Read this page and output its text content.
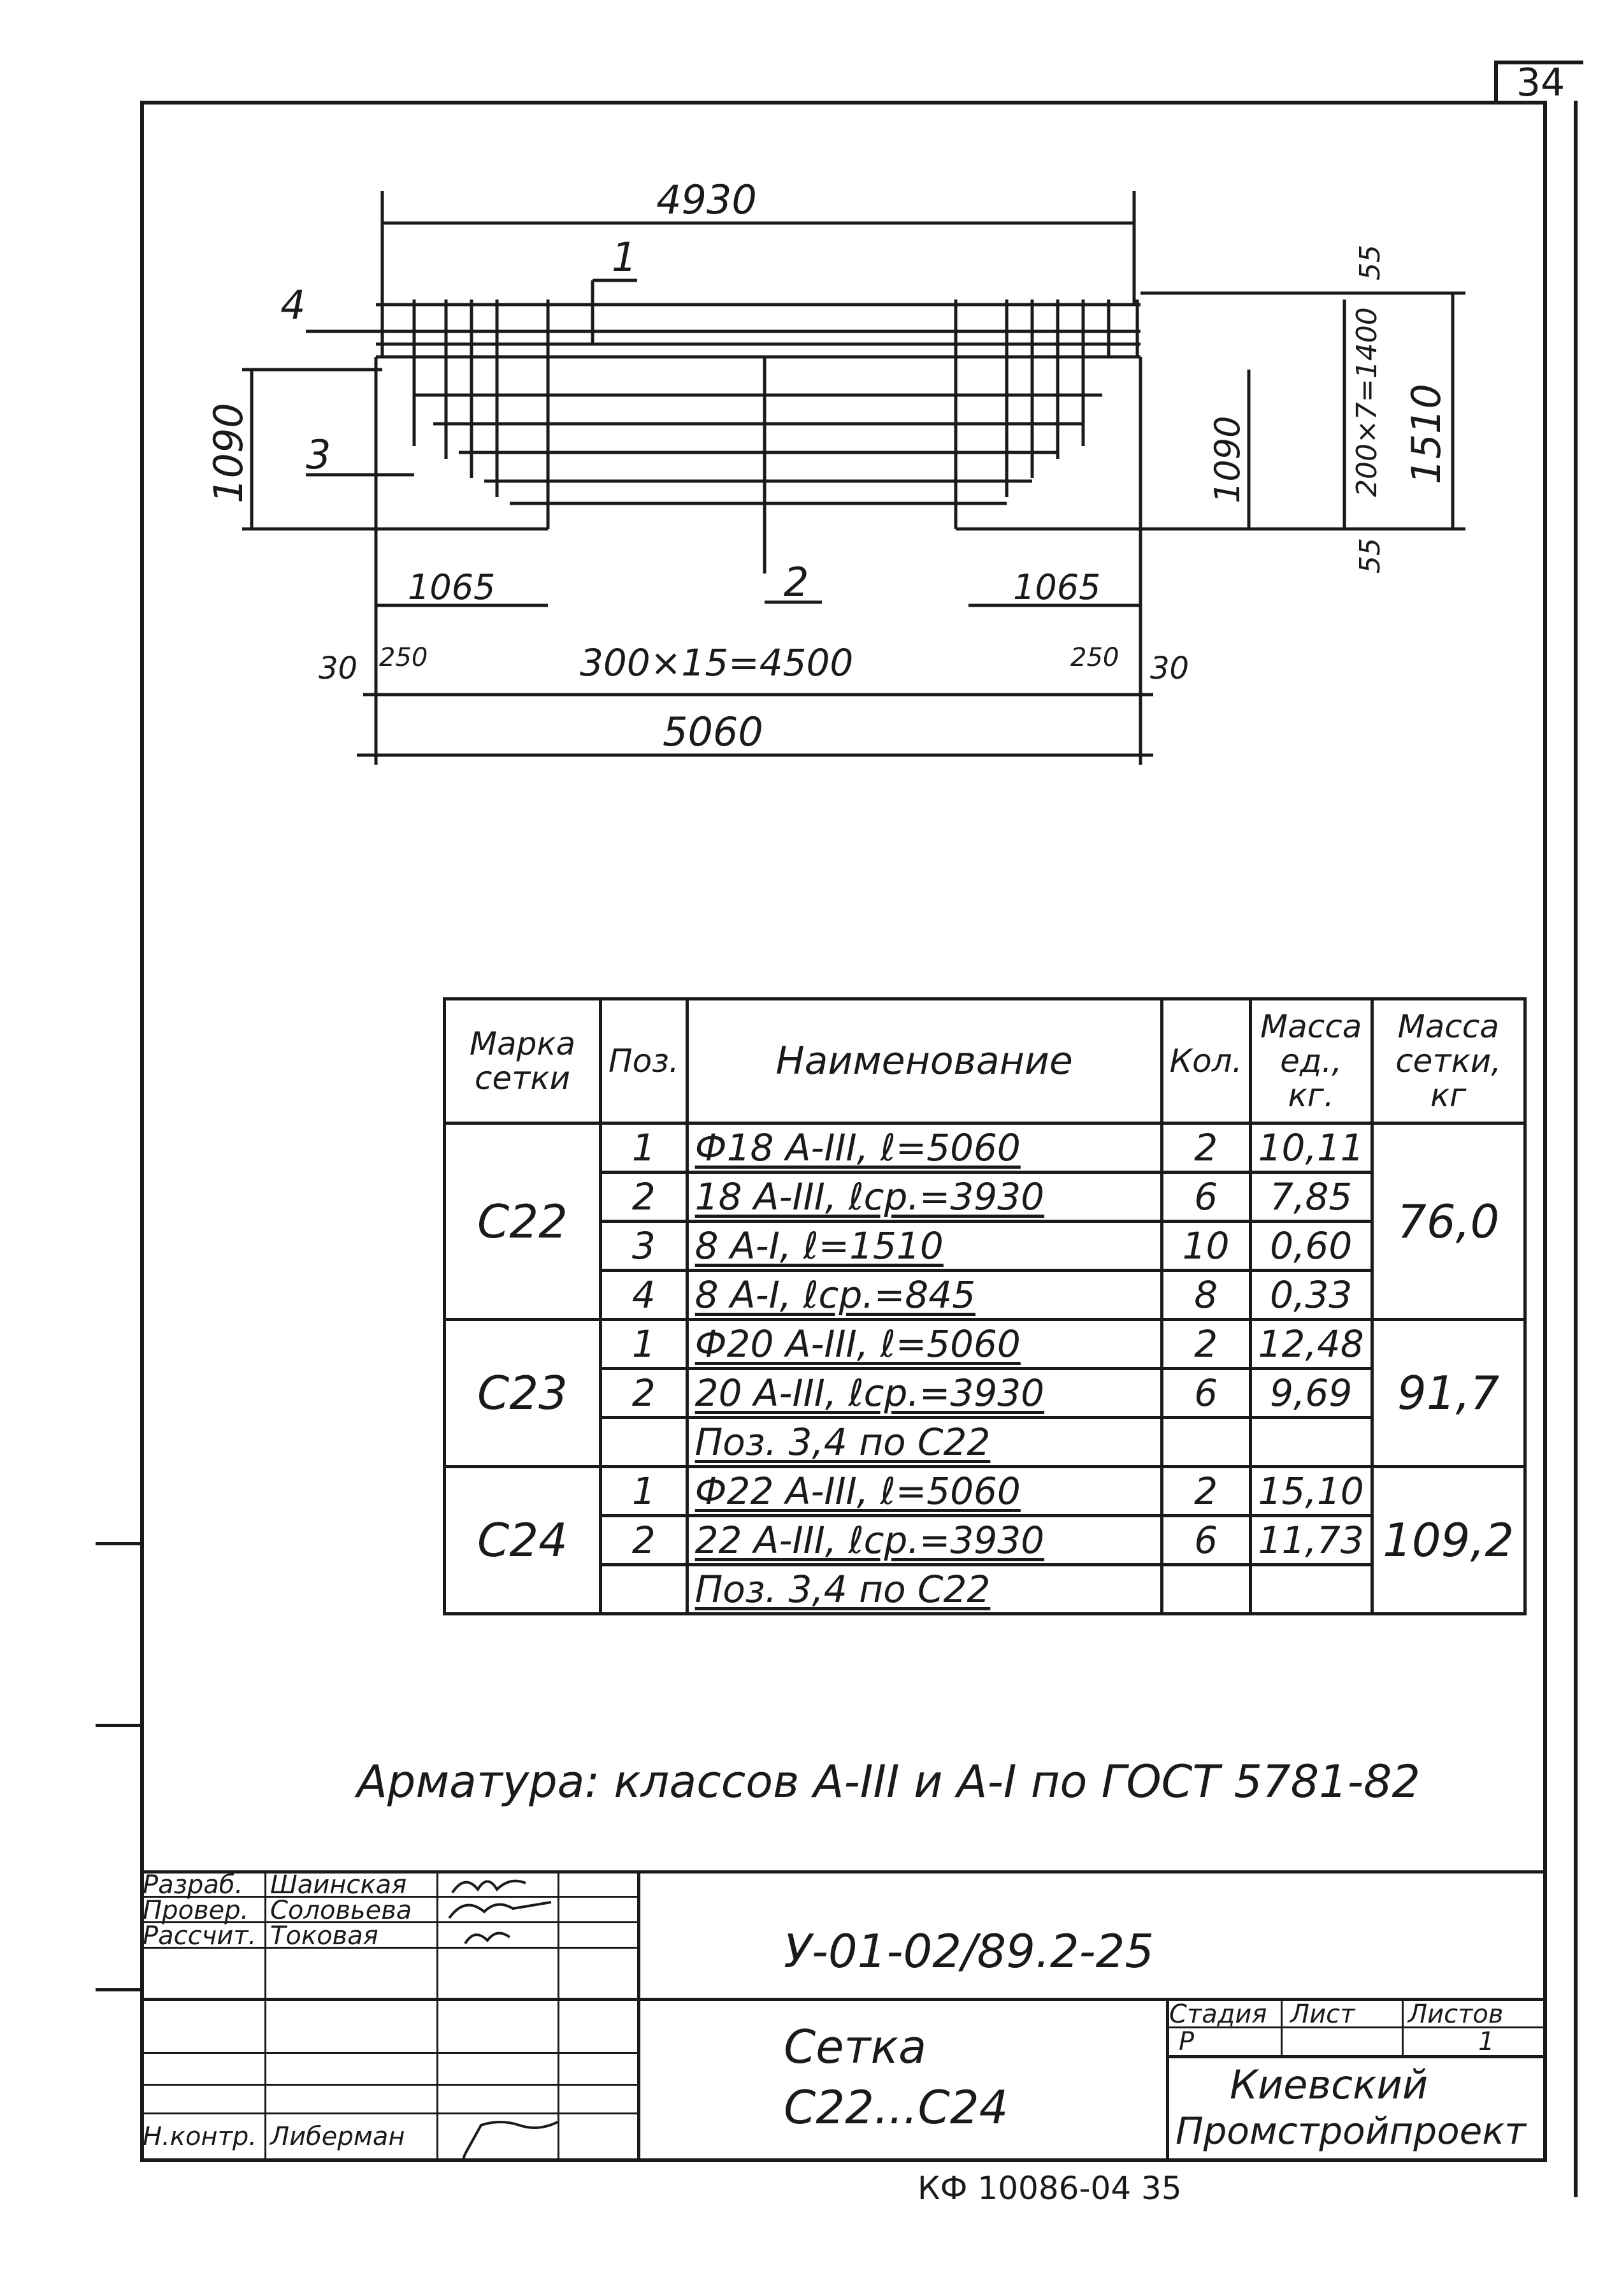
34
4930
1
4
3
2
1065	1065
30 250	300×15=4500	250 30
5060
1090	1090	200×7=1400 1510
55
55
Марка сетки	Поз.	Наименование	Кол.	Масса ед., кг.	Масса сетки, кг
С22	1	Ф18 А-III, ℓ=5060	2	10,11	76,0
	2	18 А-III, ℓср.=3930	6	7,85	
	3	8 А-I, ℓ=1510	10	0,60	
	4	8 А-I, ℓср.=845	8	0,33	
С23	1	Ф20 А-III, ℓ=5060	2	12,48	91,7
	2	20 А-III, ℓср.=3930	6	9,69	
		Поз. 3,4 по С22			
С24	1	Ф22 А-III, ℓ=5060	2	15,10	109,2
	2	22 А-III, ℓср.=3930	6	11,73	
		Поз. 3,4 по С22			
Арматура: классов А-III и А-I по ГОСТ 5781-82
Разраб. Шаинская
Провер. Соловьева
Рассчит. Токовая
Н.контр. Либерман
У-01-02/89.2-25
Сетка
С22...С24
Стадия Лист Листов
Р	1
Киевский
Промстройпроект
КФ 10086-04 35
